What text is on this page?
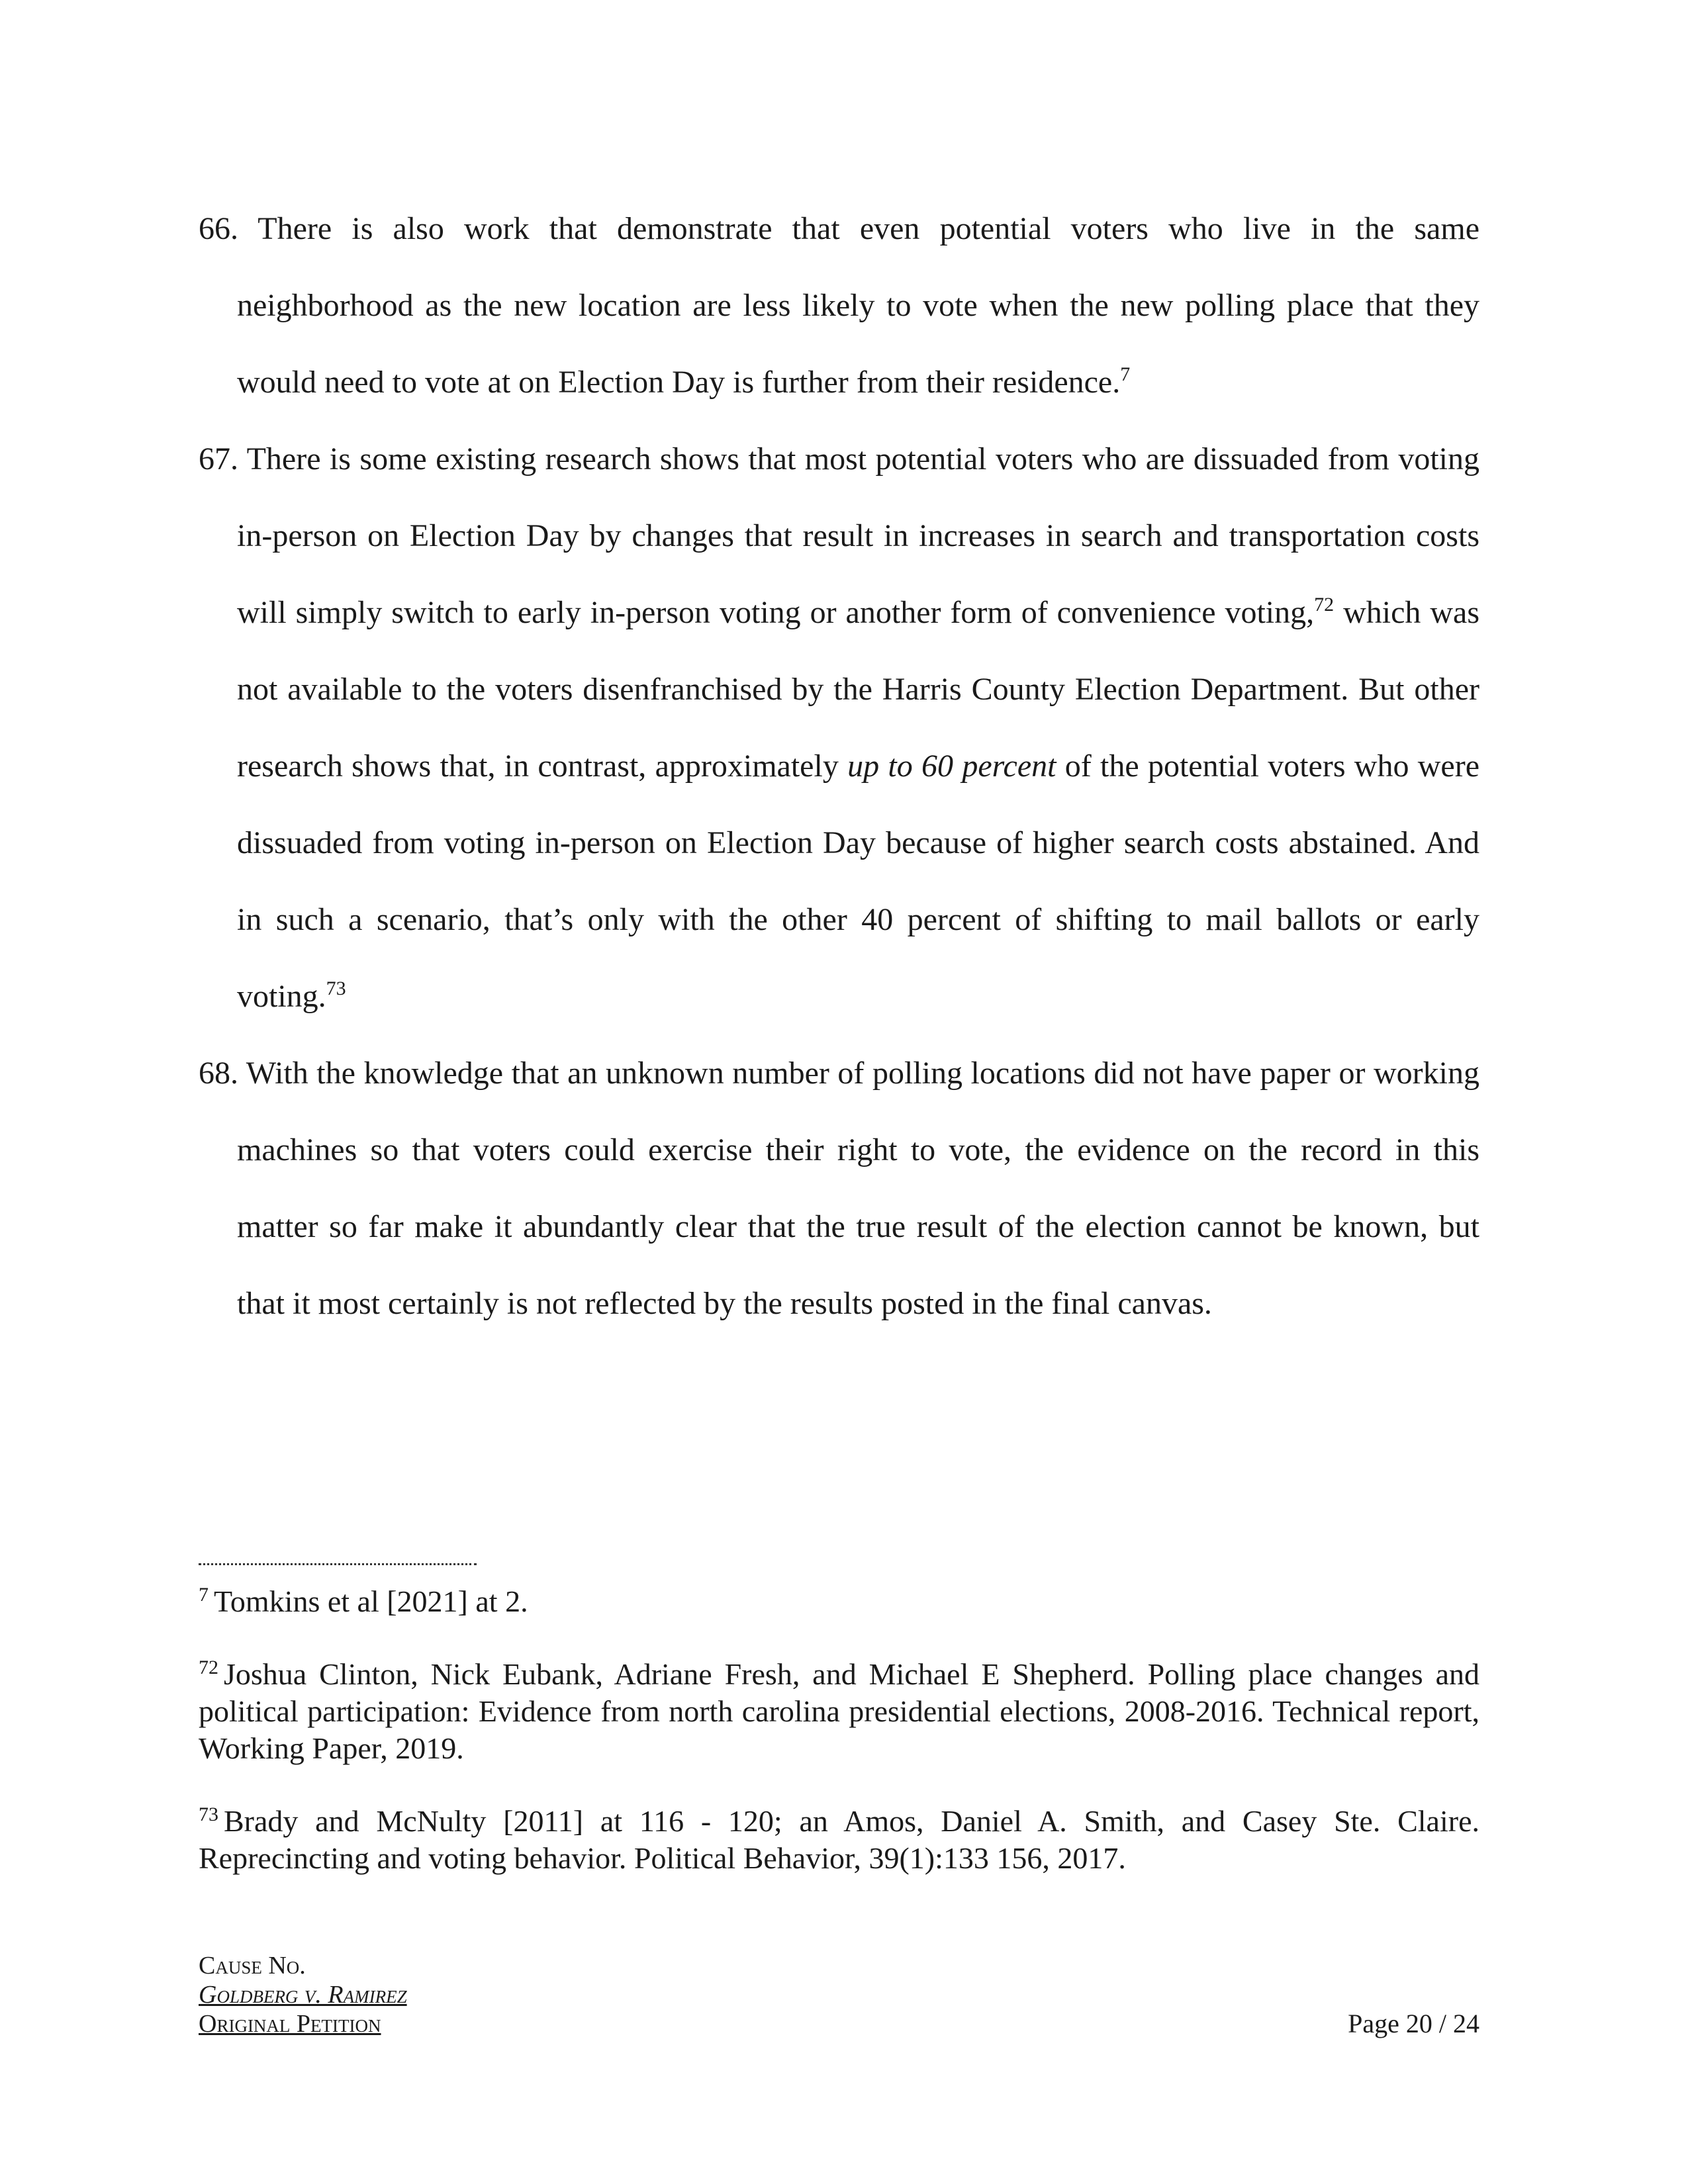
66. There is also work that demonstrate that even potential voters who live in the same neighborhood as the new location are less likely to vote when the new polling place that they would need to vote at on Election Day is further from their residence.$^7$

67. There is some existing research shows that most potential voters who are dissuaded from voting in-person on Election Day by changes that result in increases in search and transportation costs will simply switch to early in-person voting or another form of convenience voting,$^{72}$ which was not available to the voters disenfranchised by the Harris County Election Department. But other research shows that, in contrast, approximately up to 60 percent of the potential voters who were dissuaded from voting in-person on Election Day because of higher search costs abstained. And in such a scenario, that’s only with the other 40 percent of shifting to mail ballots or early voting.$^{73}$

68. With the knowledge that an unknown number of polling locations did not have paper or working machines so that voters could exercise their right to vote, the evidence on the record in this matter so far make it abundantly clear that the true result of the election cannot be known, but that it most certainly is not reflected by the results posted in the final canvas.

$^7$ Tomkins et al [2021] at 2.

$^{72}$ Joshua Clinton, Nick Eubank, Adriane Fresh, and Michael E Shepherd. Polling place changes and political participation: Evidence from north carolina presidential elections, 2008-2016. Technical report, Working Paper, 2019.

$^{73}$ Brady and McNulty [2011] at 116 - 120; an Amos, Daniel A. Smith, and Casey Ste. Claire. Reprecincting and voting behavior. Political Behavior, 39(1):133 156, 2017.

Cause No.
Goldberg v. Ramirez
Original Petition	Page 20 / 24
